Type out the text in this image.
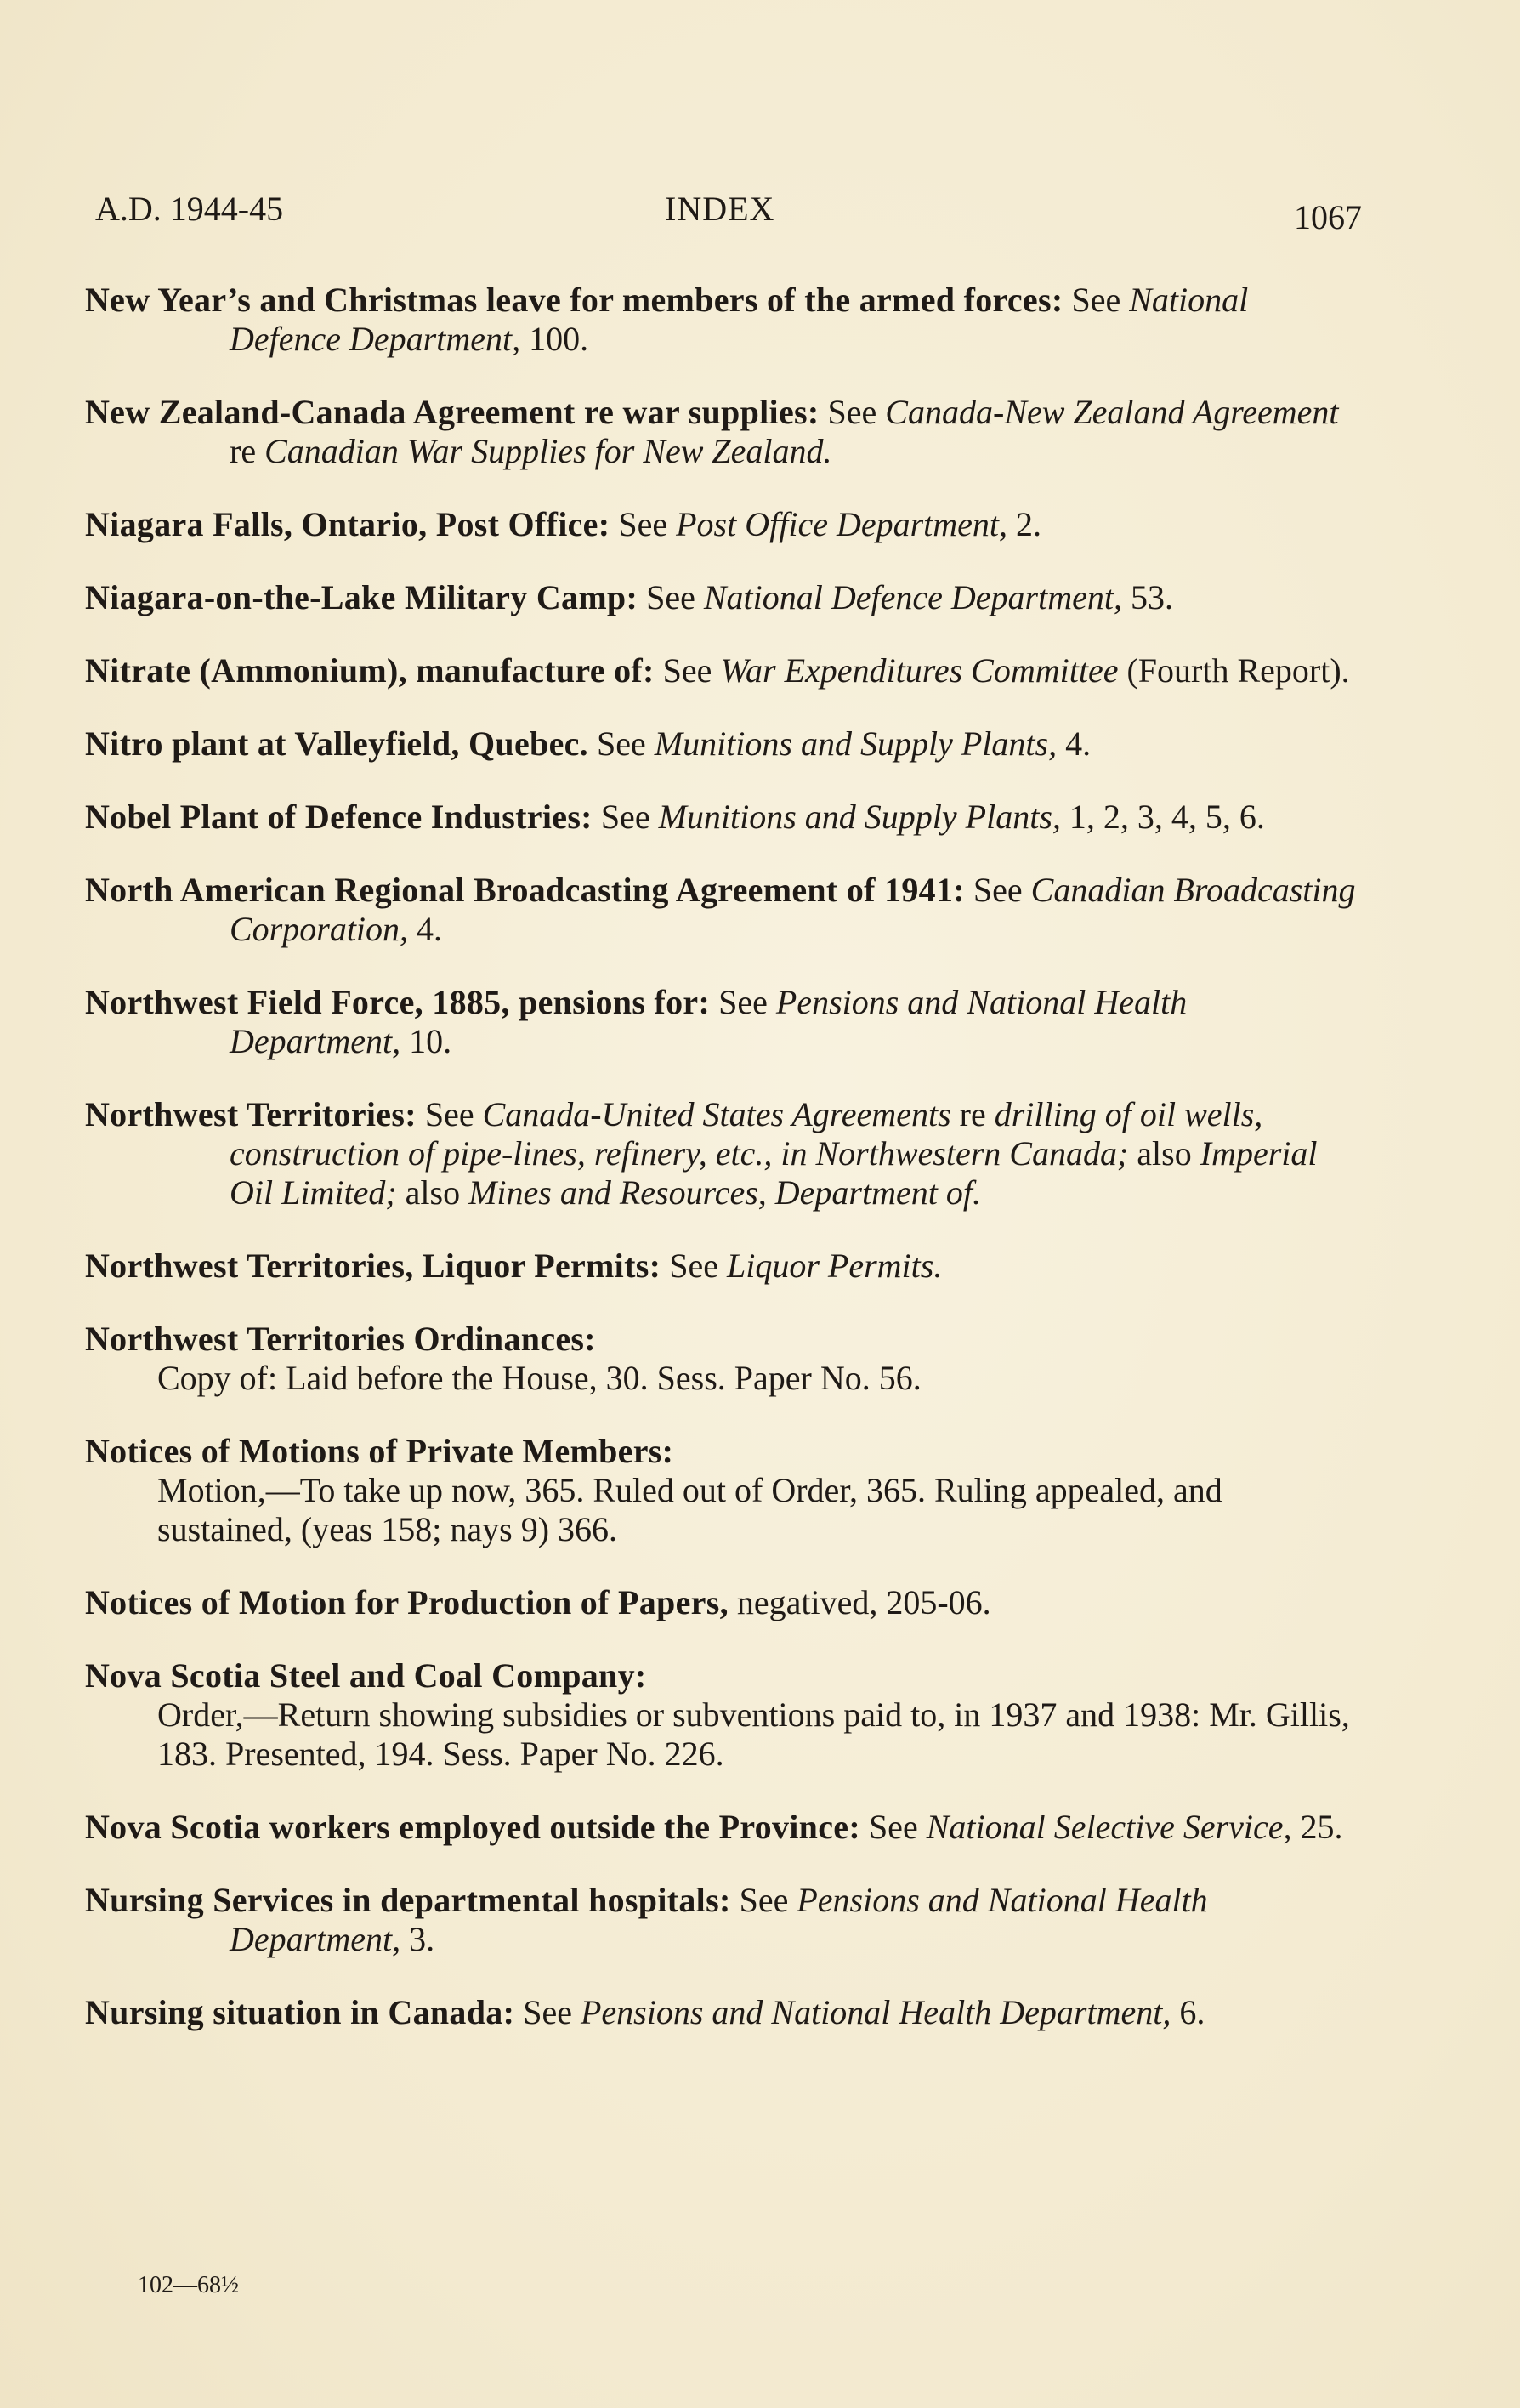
A.D. 1944-45	INDEX	1067
New Year’s and Christmas leave for members of the armed forces: See National Defence Department, 100.
New Zealand-Canada Agreement re war supplies: See Canada-New Zealand Agreement re Canadian War Supplies for New Zealand.
Niagara Falls, Ontario, Post Office: See Post Office Department, 2.
Niagara-on-the-Lake Military Camp: See National Defence Department, 53.
Nitrate (Ammonium), manufacture of: See War Expenditures Committee (Fourth Report).
Nitro plant at Valleyfield, Quebec. See Munitions and Supply Plants, 4.
Nobel Plant of Defence Industries: See Munitions and Supply Plants, 1, 2, 3, 4, 5, 6.
North American Regional Broadcasting Agreement of 1941: See Canadian Broadcasting Corporation, 4.
Northwest Field Force, 1885, pensions for: See Pensions and National Health Department, 10.
Northwest Territories: See Canada-United States Agreements re drilling of oil wells, construction of pipe-lines, refinery, etc., in Northwestern Canada; also Imperial Oil Limited; also Mines and Resources, Department of.
Northwest Territories, Liquor Permits: See Liquor Permits.
Northwest Territories Ordinances:
Copy of: Laid before the House, 30. Sess. Paper No. 56.
Notices of Motions of Private Members:
Motion,—To take up now, 365. Ruled out of Order, 365. Ruling appealed, and sustained, (yeas 158; nays 9) 366.
Notices of Motion for Production of Papers, negatived, 205-06.
Nova Scotia Steel and Coal Company:
Order,—Return showing subsidies or subventions paid to, in 1937 and 1938: Mr. Gillis, 183. Presented, 194. Sess. Paper No. 226.
Nova Scotia workers employed outside the Province: See National Selective Service, 25.
Nursing Services in departmental hospitals: See Pensions and National Health Department, 3.
Nursing situation in Canada: See Pensions and National Health Department, 6.
102—68½
